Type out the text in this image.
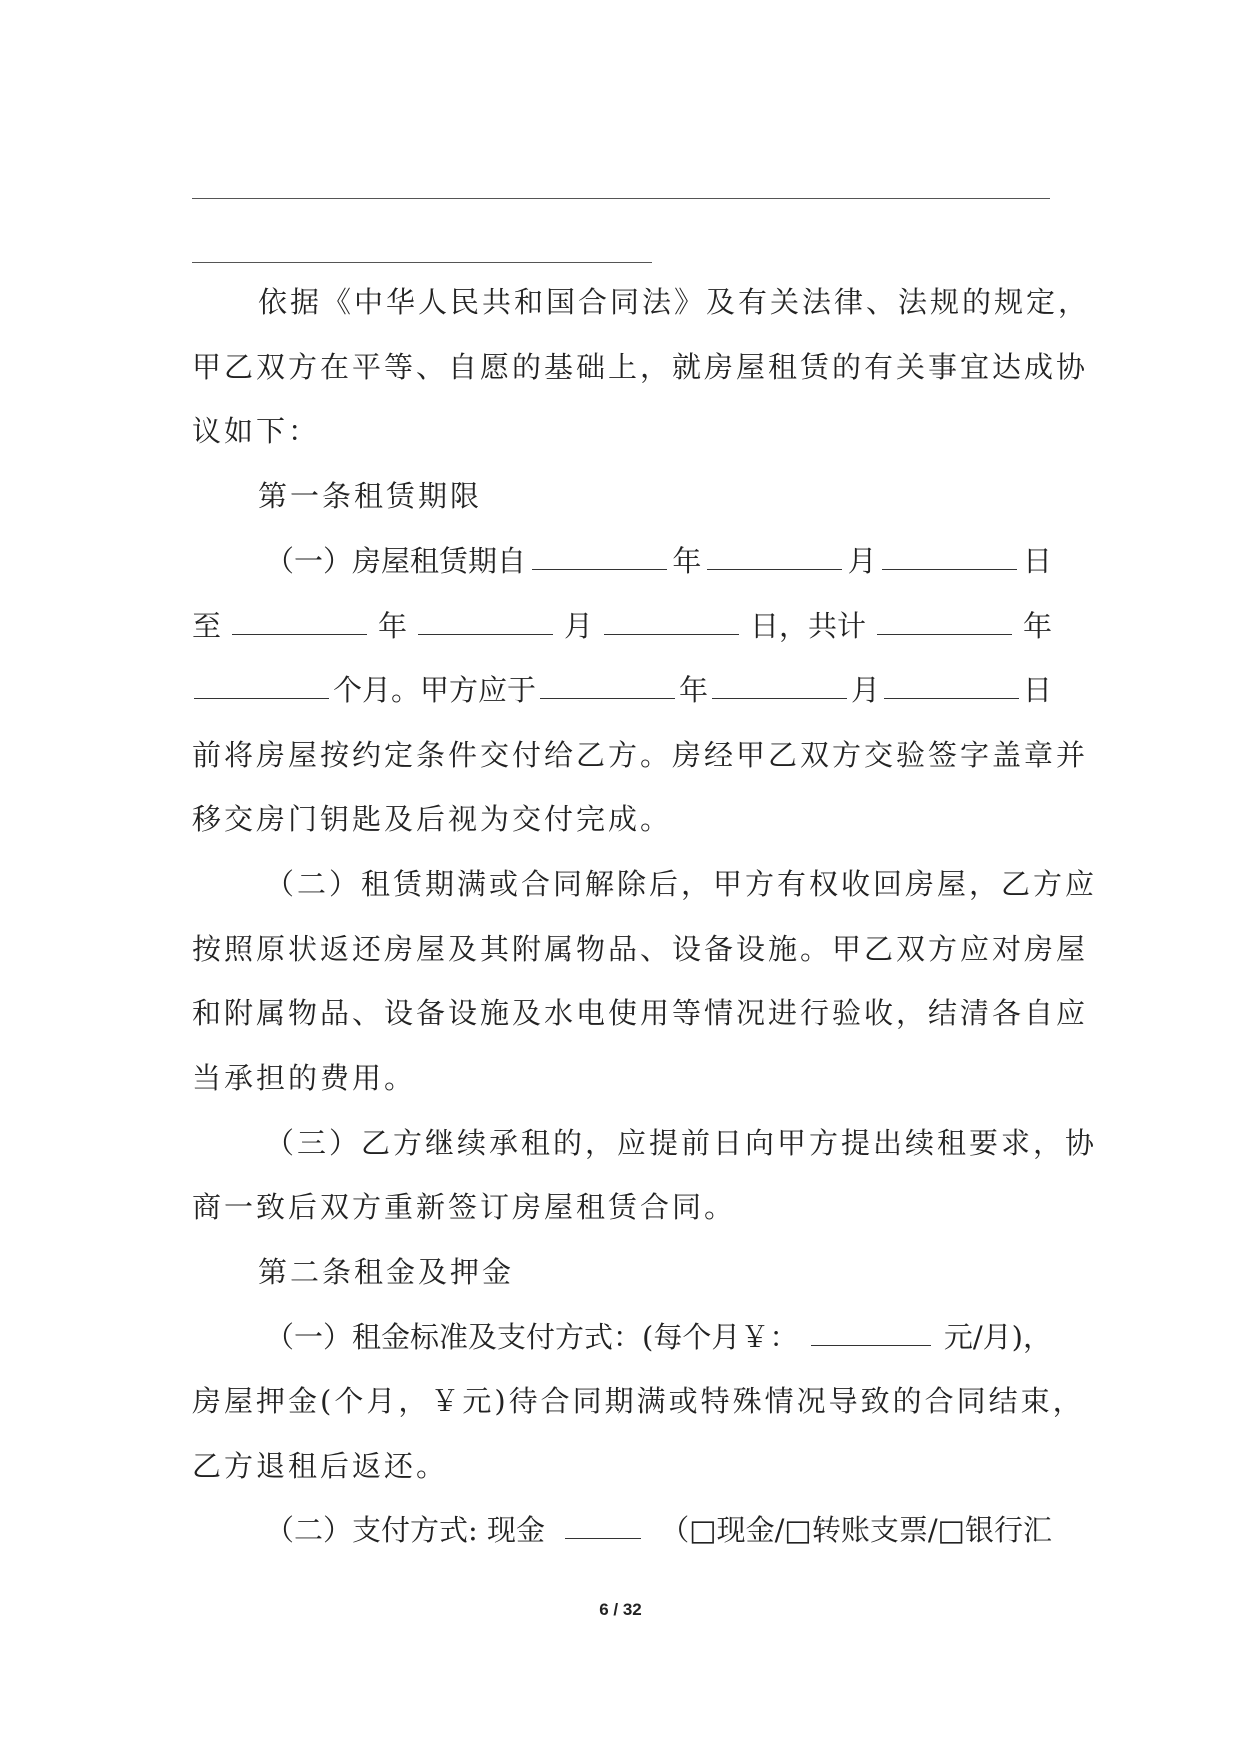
依据《中华人民共和国合同法》及有关法律、法规的规定，
甲乙双方在平等、自愿的基础上，就房屋租赁的有关事宜达成协
议如下：
第一条租赁期限
（一）房屋租赁期自	年	月	日
至	年	月	日，共计	年
个月。甲方应于	年	月	日
前将房屋按约定条件交付给乙方。房经甲乙双方交验签字盖章并
移交房门钥匙及后视为交付完成。
（二）租赁期满或合同解除后，甲方有权收回房屋，乙方应
按照原状返还房屋及其附属物品、设备设施。甲乙双方应对房屋
和附属物品、设备设施及水电使用等情况进行验收，结清各自应
当承担的费用。
（三）乙方继续承租的，应提前日向甲方提出续租要求，协
商一致后双方重新签订房屋租赁合同。
第二条租金及押金
（一）租金标准及支付方式：(每个月￥：	元/月)，
房屋押金(个月，￥元)待合同期满或特殊情况导致的合同结束，
乙方退租后返还。
（二）支付方式: 现金	（□现金/□转账支票/□银行汇
6 / 32
